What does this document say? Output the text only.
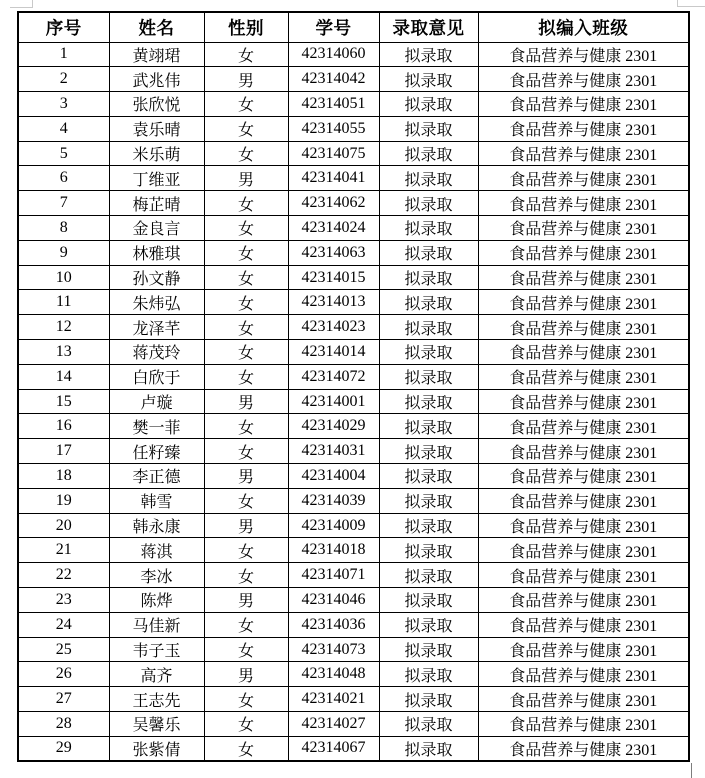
序号	姓名	性别	学号	录取意见	拟编入班级
1	黄翊珺	女	42314060	拟录取	食品营养与健康 2301
2	武兆伟	男	42314042	拟录取	食品营养与健康 2301
3	张欣悦	女	42314051	拟录取	食品营养与健康 2301
4	袁乐晴	女	42314055	拟录取	食品营养与健康 2301
5	米乐萌	女	42314075	拟录取	食品营养与健康 2301
6	丁维亚	男	42314041	拟录取	食品营养与健康 2301
7	梅芷晴	女	42314062	拟录取	食品营养与健康 2301
8	金良言	女	42314024	拟录取	食品营养与健康 2301
9	林雅琪	女	42314063	拟录取	食品营养与健康 2301
10	孙文静	女	42314015	拟录取	食品营养与健康 2301
11	朱炜弘	女	42314013	拟录取	食品营养与健康 2301
12	龙泽芊	女	42314023	拟录取	食品营养与健康 2301
13	蒋茂玲	女	42314014	拟录取	食品营养与健康 2301
14	白欣于	女	42314072	拟录取	食品营养与健康 2301
15	卢璇	男	42314001	拟录取	食品营养与健康 2301
16	樊一菲	女	42314029	拟录取	食品营养与健康 2301
17	任籽臻	女	42314031	拟录取	食品营养与健康 2301
18	李正德	男	42314004	拟录取	食品营养与健康 2301
19	韩雪	女	42314039	拟录取	食品营养与健康 2301
20	韩永康	男	42314009	拟录取	食品营养与健康 2301
21	蒋淇	女	42314018	拟录取	食品营养与健康 2301
22	李冰	女	42314071	拟录取	食品营养与健康 2301
23	陈烨	男	42314046	拟录取	食品营养与健康 2301
24	马佳新	女	42314036	拟录取	食品营养与健康 2301
25	韦子玉	女	42314073	拟录取	食品营养与健康 2301
26	高齐	男	42314048	拟录取	食品营养与健康 2301
27	王志先	女	42314021	拟录取	食品营养与健康 2301
28	吴馨乐	女	42314027	拟录取	食品营养与健康 2301
29	张紫倩	女	42314067	拟录取	食品营养与健康 2301
